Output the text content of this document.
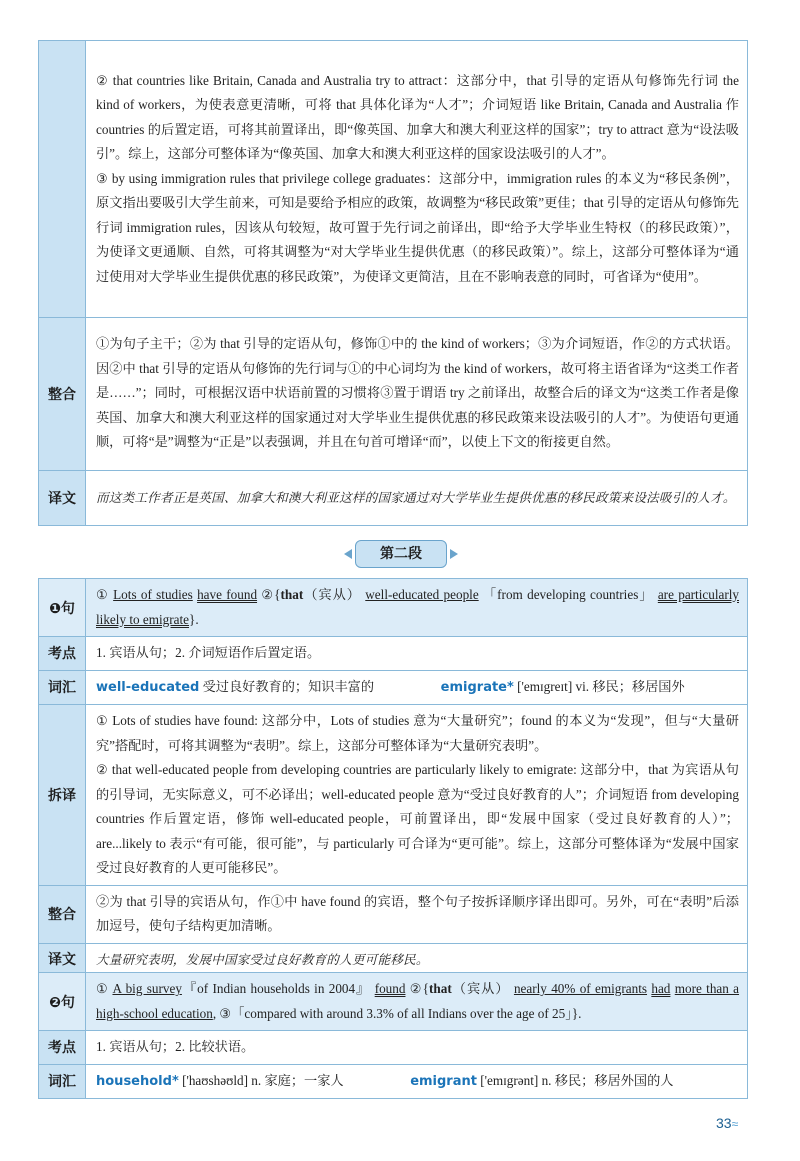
	② that countries like Britain, Canada and Australia try to attract：这部分中，that 引导的定语从句修饰先行词 the kind of workers，为使表意更清晰，可将 that 具体化译为“人才”；介词短语 like Britain, Canada and Australia 作 countries 的后置定语，可将其前置译出，即“像英国、加拿大和澳大利亚这样的国家”；try to attract 意为“设法吸引”。综上，这部分可整体译为“像英国、加拿大和澳大利亚这样的国家设法吸引的人才”。

③ by using immigration rules that privilege college graduates：这部分中，immigration rules 的本义为“移民条例”，原文指出要吸引大学生前来，可知是要给予相应的政策，故调整为“移民政策”更佳；that 引导的定语从句修饰先行词 immigration rules，因该从句较短，故可置于先行词之前译出，即“给予大学毕业生特权（的移民政策）”，为使译文更通顺、自然，可将其调整为“对大学毕业生提供优惠（的移民政策）”。综上，这部分可整体译为“通过使用对大学毕业生提供优惠的移民政策”，为使译文更简洁，且在不影响表意的同时，可省译为“使用”。

整合	①为句子主干；②为 that 引导的定语从句，修饰①中的 the kind of workers；③为介词短语，作②的方式状语。因②中 that 引导的定语从句修饰的先行词与①的中心词均为 the kind of workers，故可将主语省译为“这类工作者是……”；同时，可根据汉语中状语前置的习惯将③置于谓语 try 之前译出，故整合后的译文为“这类工作者是像英国、加拿大和澳大利亚这样的国家通过对大学毕业生提供优惠的移民政策来设法吸引的人才”。为使语句更通顺，可将“是”调整为“正是”以表强调，并且在句首可增译“而”，以使上下文的衔接更自然。
译文	而这类工作者正是英国、加拿大和澳大利亚这样的国家通过对大学毕业生提供优惠的移民政策来设法吸引的人才。
第二段
❶句	① Lots of studies have found ②{that（宾从） well-educated people 「from developing countries」 are particularly likely to emigrate}.
考点	1. 宾语从句；2. 介词短语作后置定语。
词汇	well-educated 受过良好教育的；知识丰富的 emigrate* ['emɪgreɪt] vi. 移民；移居国外
拆译	① Lots of studies have found: 这部分中，Lots of studies 意为“大量研究”；found 的本义为“发现”，但与“大量研究”搭配时，可将其调整为“表明”。综上，这部分可整体译为“大量研究表明”。

② that well-educated people from developing countries are particularly likely to emigrate: 这部分中，that 为宾语从句的引导词，无实际意义，可不必译出；well-educated people 意为“受过良好教育的人”；介词短语 from developing countries 作后置定语，修饰 well-educated people，可前置译出，即“发展中国家（受过良好教育的人）”；are...likely to 表示“有可能，很可能”，与 particularly 可合译为“更可能”。综上，这部分可整体译为“发展中国家受过良好教育的人更可能移民”。

整合	②为 that 引导的宾语从句，作①中 have found 的宾语，整个句子按拆译顺序译出即可。另外，可在“表明”后添加逗号，使句子结构更加清晰。
译文	大量研究表明，发展中国家受过良好教育的人更可能移民。
❷句	① A big survey『of Indian households in 2004』 found ②{that（宾从） nearly 40% of emigrants had more than a high-school education, ③「compared with around 3.3% of all Indians over the age of 25」}.
考点	1. 宾语从句；2. 比较状语。
词汇	household* ['haʊshəʊld] n. 家庭；一家人 emigrant ['emɪgrənt] n. 移民；移居外国的人
33≈
